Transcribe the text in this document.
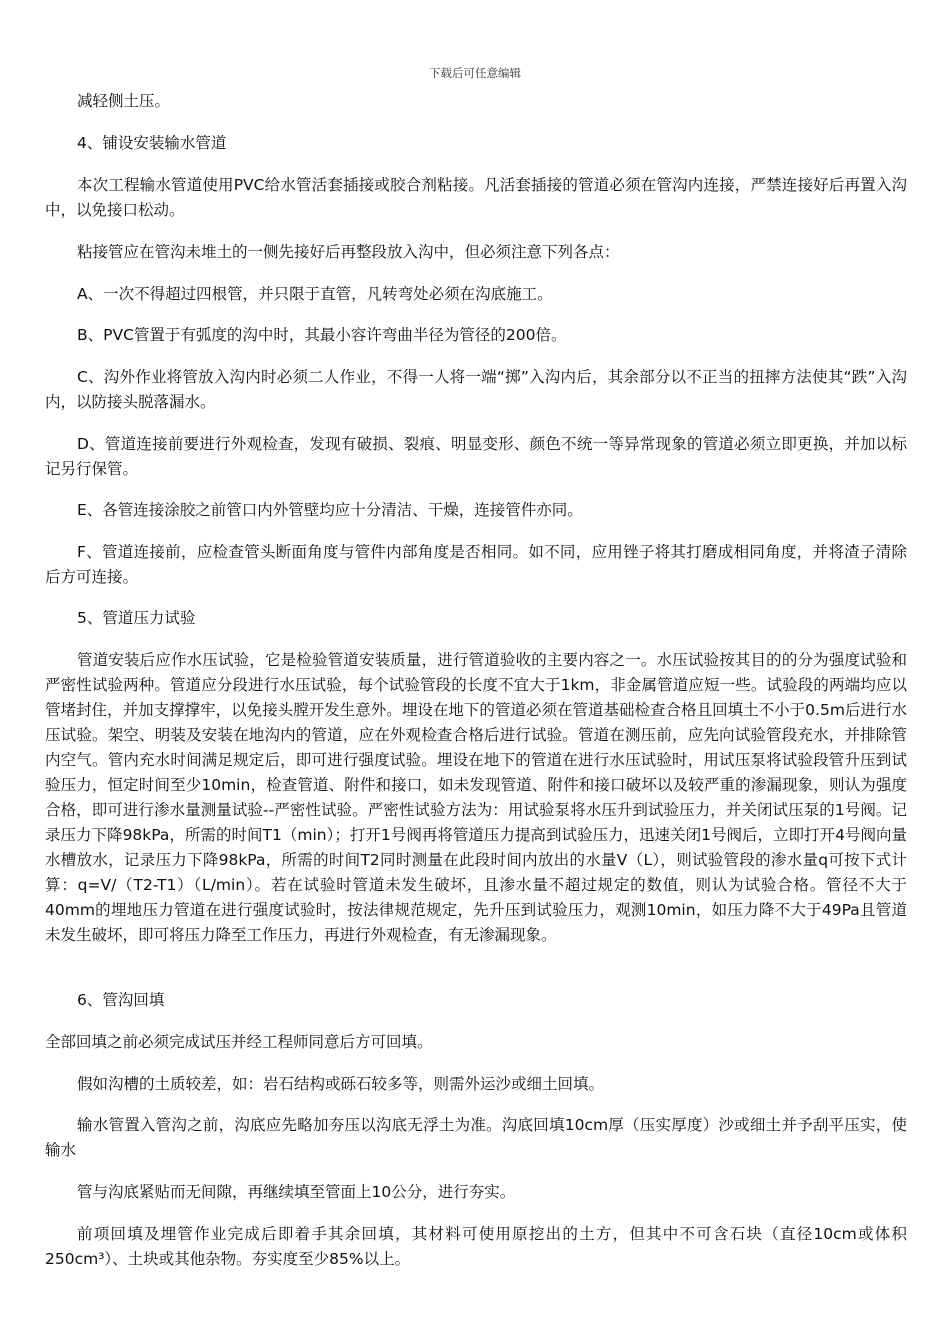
下载后可任意编辑

减轻侧土压。

4、铺设安装输水管道

本次工程输水管道使用PVC给水管活套插接或胶合剂粘接。凡活套插接的管道必须在管沟内连接，严禁连接好后再置入沟中，以免接口松动。

粘接管应在管沟未堆土的一侧先接好后再整段放入沟中，但必须注意下列各点：

A、一次不得超过四根管，并只限于直管，凡转弯处必须在沟底施工。

B、PVC管置于有弧度的沟中时，其最小容许弯曲半径为管径的200倍。

C、沟外作业将管放入沟内时必须二人作业，不得一人将一端“掷”入沟内后，其余部分以不正当的扭摔方法使其“跌”入沟内，以防接头脱落漏水。

D、管道连接前要进行外观检查，发现有破损、裂痕、明显变形、颜色不统一等异常现象的管道必须立即更换，并加以标记另行保管。

E、各管连接涂胶之前管口内外管壁均应十分清洁、干燥，连接管件亦同。

F、管道连接前，应检查管头断面角度与管件内部角度是否相同。如不同，应用锉子将其打磨成相同角度，并将渣子清除后方可连接。

5、管道压力试验

管道安装后应作水压试验，它是检验管道安装质量，进行管道验收的主要内容之一。水压试验按其目的的分为强度试验和严密性试验两种。管道应分段进行水压试验，每个试验管段的长度不宜大于1km，非金属管道应短一些。试验段的两端均应以管堵封住，并加支撑撑牢，以免接头膛开发生意外。埋设在地下的管道必须在管道基础检查合格且回填土不小于0.5m后进行水压试验。架空、明装及安装在地沟内的管道，应在外观检查合格后进行试验。管道在测压前，应先向试验管段充水，并排除管内空气。管内充水时间满足规定后，即可进行强度试验。埋设在地下的管道在进行水压试验时，用试压泵将试验段管升压到试验压力，恒定时间至少10min，检查管道、附件和接口，如未发现管道、附件和接口破坏以及较严重的渗漏现象，则认为强度合格，即可进行渗水量测量试验--严密性试验。严密性试验方法为：用试验泵将水压升到试验压力，并关闭试压泵的1号阀。记录压力下降98kPa，所需的时间T1（min）；打开1号阀再将管道压力提高到试验压力，迅速关闭1号阀后，立即打开4号阀向量水槽放水，记录压力下降98kPa，所需的时间T2同时测量在此段时间内放出的水量V（L），则试验管段的渗水量q可按下式计算：q=V/（T2-T1）（L/min）。若在试验时管道未发生破坏，且渗水量不超过规定的数值，则认为试验合格。管径不大于40mm的埋地压力管道在进行强度试验时，按法律规范规定，先升压到试验压力，观测10min，如压力降不大于49Pa且管道未发生破坏，即可将压力降至工作压力，再进行外观检查，有无渗漏现象。

6、管沟回填

全部回填之前必须完成试压并经工程师同意后方可回填。

假如沟槽的土质较差，如：岩石结构或砾石较多等，则需外运沙或细土回填。

输水管置入管沟之前，沟底应先略加夯压以沟底无浮土为准。沟底回填10cm厚（压实厚度）沙或细土并予刮平压实，使输水

管与沟底紧贴而无间隙，再继续填至管面上10公分，进行夯实。

前项回填及埋管作业完成后即着手其余回填，其材料可使用原挖出的土方，但其中不可含石块（直径10cm或体积250cm³）、土块或其他杂物。夯实度至少85%以上。
